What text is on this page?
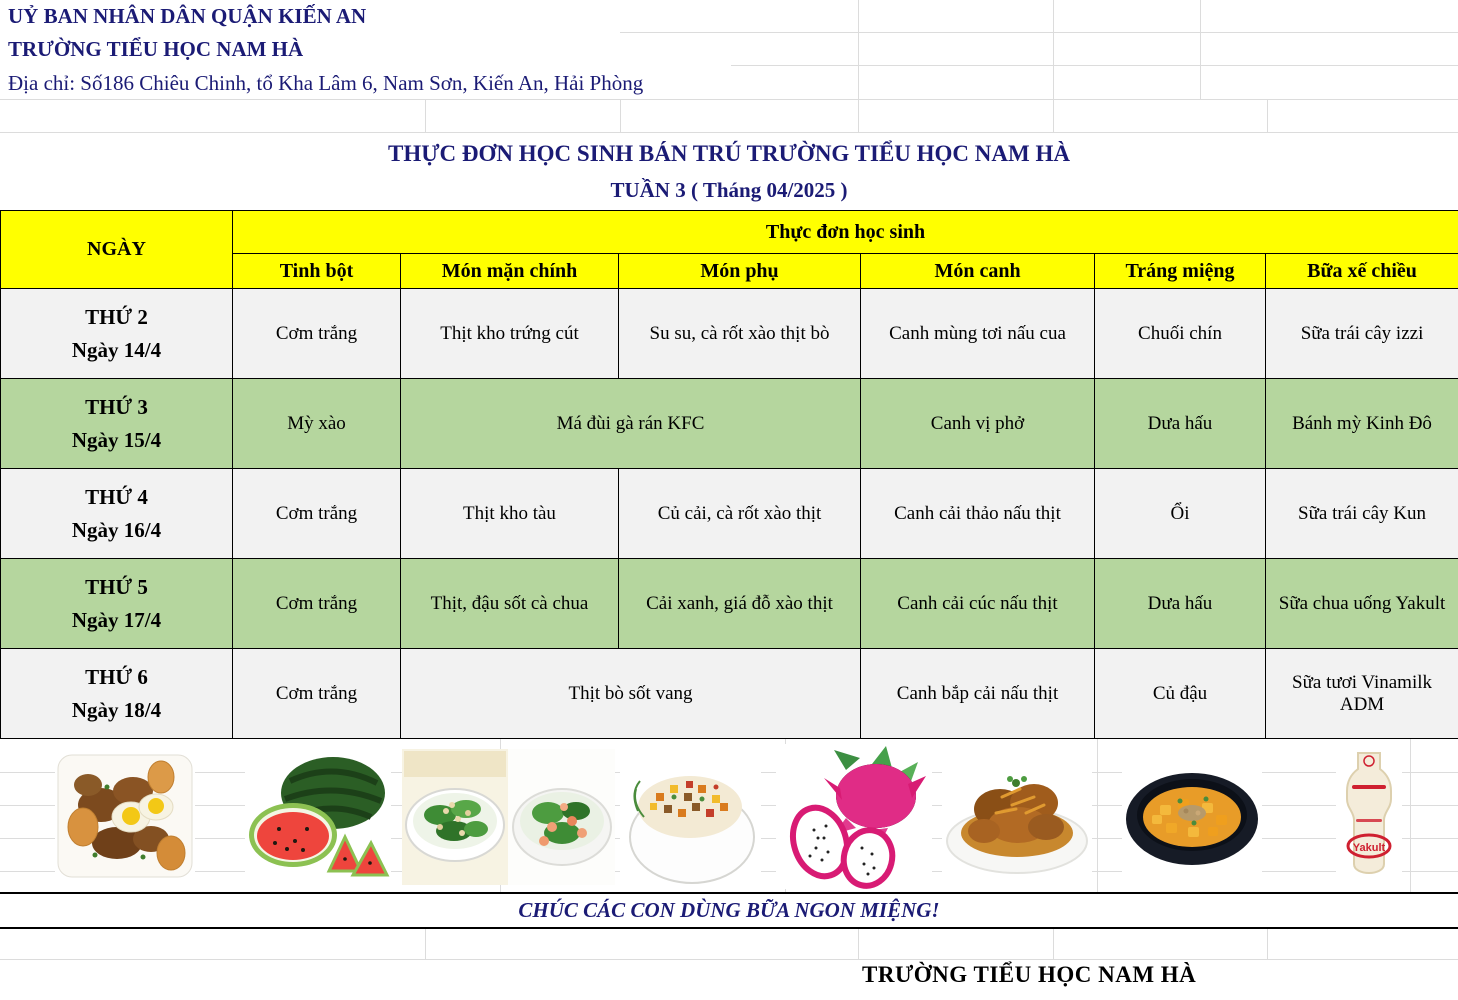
UỶ BAN NHÂN DÂN QUẬN KIẾN AN
TRƯỜNG TIỂU HỌC NAM HÀ
Địa chỉ: Số186 Chiêu Chinh, tổ Kha Lâm 6, Nam Sơn, Kiến An, Hải Phòng
THỰC ĐƠN HỌC SINH BÁN TRÚ TRƯỜNG TIỂU HỌC NAM HÀ
TUẦN 3 ( Tháng 04/2025 )
NGÀY	Thực đơn học sinh					
	Tinh bột	Món mặn chính	Món phụ	Món canh	Tráng miệng	Bữa xế chiều

THỨ 2
Ngày 14/4	Cơm trắng	Thịt kho trứng cút	Su su, cà rốt xào thịt bò	Canh mùng tơi nấu cua	Chuối chín	Sữa trái cây izzi

THỨ 3
Ngày 15/4	Mỳ xào	Má đùi gà rán KFC		Canh vị phở	Dưa hấu	Bánh mỳ Kinh Đô

THỨ 4
Ngày 16/4	Cơm trắng	Thịt kho tàu	Củ cải, cà rốt xào thịt	Canh cải thảo nấu thịt	Ổi	Sữa trái cây Kun

THỨ 5
Ngày 17/4	Cơm trắng	Thịt, đậu sốt cà chua	Cải xanh, giá đỗ xào thịt	Canh cải cúc nấu thịt	Dưa hấu	Sữa chua uống Yakult

THỨ 6
Ngày 18/4	Cơm trắng	Thịt bò sốt vang		Canh bắp cải nấu thịt	Củ đậu	Sữa tươi Vinamilk ADM
Yakult
CHÚC CÁC CON DÙNG BỮA NGON MIỆNG!
TRƯỜNG TIỂU HỌC NAM HÀ
